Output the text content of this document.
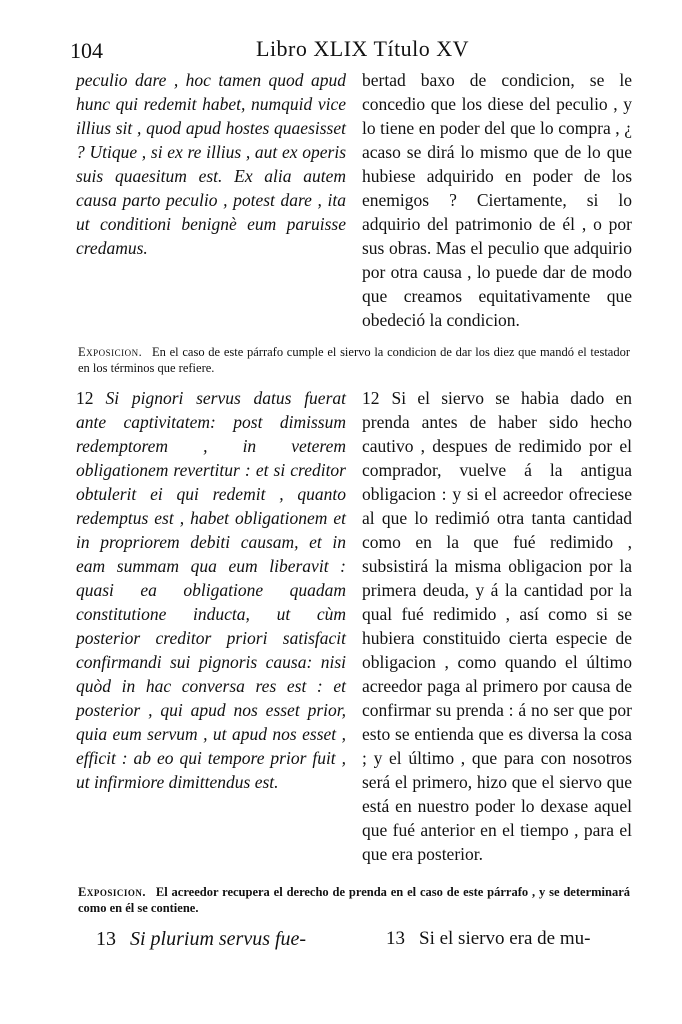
104	Libro XLIX Título XV
peculio dare , hoc tamen quod apud hunc qui redemit habet, numquid vice illius sit , quod apud hostes quaesisset ? Utique , si ex re illius , aut ex operis suis quaesitum est. Ex alia autem causa parto peculio , potest dare , ita ut conditioni benignè eum paruisse credamus.
bertad baxo de condicion, se le concedio que los diese del peculio , y lo tiene en poder del que lo compra , ¿ acaso se dirá lo mismo que de lo que hubiese adquirido en poder de los enemigos ? Ciertamente, si lo adquirio del patrimonio de él , o por sus obras. Mas el peculio que adquirio por otra causa , lo puede dar de modo que creamos equitativamente que obedeció la condicion.
Exposicion. En el caso de este párrafo cumple el siervo la condicion de dar los diez que mandó el testador en los términos que refiere.
12 Si pignori servus datus fuerat ante captivitatem: post dimissum redemptorem , in veterem obligationem revertitur : et si creditor obtulerit ei qui redemit , quanto redemptus est , habet obligationem et in propriorem debiti causam, et in eam summam qua eum liberavit : quasi ea obligatione quadam constitutione inducta, ut cùm posterior creditor priori satisfacit confirmandi sui pignoris causa: nisi quòd in hac conversa res est : et posterior , qui apud nos esset prior, quia eum servum , ut apud nos esset , efficit : ab eo qui tempore prior fuit , ut infirmiore dimittendus est.
12 Si el siervo se habia dado en prenda antes de haber sido hecho cautivo , despues de redimido por el comprador, vuelve á la antigua obligacion : y si el acreedor ofreciese al que lo redimió otra tanta cantidad como en la que fué redimido , subsistirá la misma obligacion por la primera deuda, y á la cantidad por la qual fué redimido , así como si se hubiera constituido cierta especie de obligacion , como quando el último acreedor paga al primero por causa de confirmar su prenda : á no ser que por esto se entienda que es diversa la cosa ; y el último , que para con nosotros será el primero, hizo que el siervo que está en nuestro poder lo dexase aquel que fué anterior en el tiempo , para el que era posterior.
Exposicion. El acreedor recupera el derecho de prenda en el caso de este párrafo , y se determinará como en él se contiene.
13 Si plurium servus fue-	13 Si el siervo era de mu-
